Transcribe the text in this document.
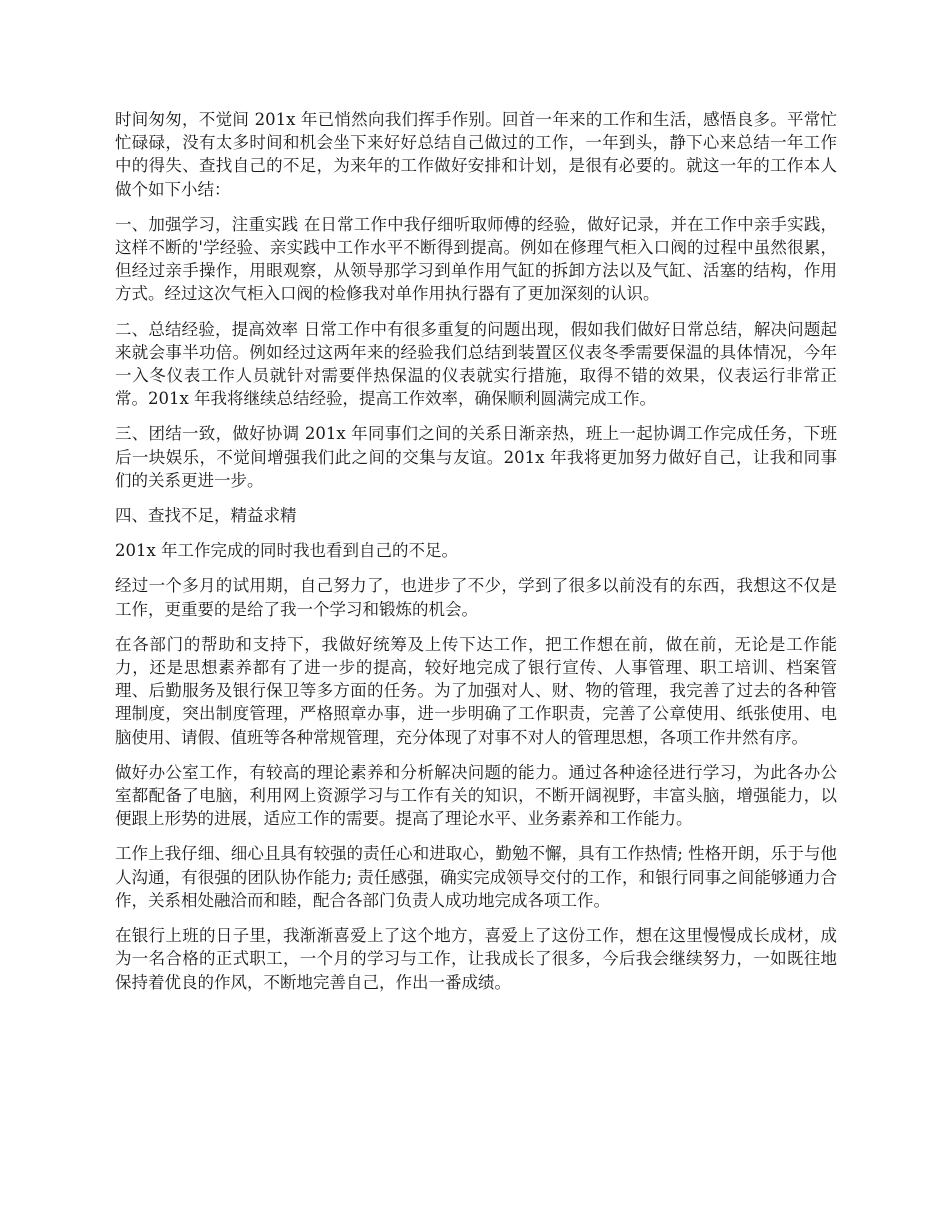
时间匆匆，不觉间 201x 年已悄然向我们挥手作别。回首一年来的工作和生活，感悟良多。平常忙忙碌碌，没有太多时间和机会坐下来好好总结自己做过的工作，一年到头，静下心来总结一年工作中的得失、查找自己的不足，为来年的工作做好安排和计划，是很有必要的。就这一年的工作本人做个如下小结：

一、加强学习，注重实践 在日常工作中我仔细听取师傅的经验，做好记录，并在工作中亲手实践，这样不断的'学经验、亲实践中工作水平不断得到提高。例如在修理气柜入口阀的过程中虽然很累，但经过亲手操作，用眼观察，从领导那学习到单作用气缸的拆卸方法以及气缸、活塞的结构，作用方式。经过这次气柜入口阀的检修我对单作用执行器有了更加深刻的认识。

二、总结经验，提高效率 日常工作中有很多重复的问题出现，假如我们做好日常总结，解决问题起来就会事半功倍。例如经过这两年来的经验我们总结到装置区仪表冬季需要保温的具体情况，今年一入冬仪表工作人员就针对需要伴热保温的仪表就实行措施，取得不错的效果，仪表运行非常正常。201x 年我将继续总结经验，提高工作效率，确保顺利圆满完成工作。

三、团结一致，做好协调 201x 年同事们之间的关系日渐亲热，班上一起协调工作完成任务，下班后一块娱乐，不觉间增强我们此之间的交集与友谊。201x 年我将更加努力做好自己，让我和同事们的关系更进一步。

四、查找不足，精益求精

201x 年工作完成的同时我也看到自己的不足。

经过一个多月的试用期，自己努力了，也进步了不少，学到了很多以前没有的东西，我想这不仅是工作，更重要的是给了我一个学习和锻炼的机会。

在各部门的帮助和支持下，我做好统筹及上传下达工作，把工作想在前，做在前，无论是工作能力，还是思想素养都有了进一步的提高，较好地完成了银行宣传、人事管理、职工培训、档案管理、后勤服务及银行保卫等多方面的任务。为了加强对人、财、物的管理，我完善了过去的各种管理制度，突出制度管理，严格照章办事，进一步明确了工作职责，完善了公章使用、纸张使用、电脑使用、请假、值班等各种常规管理，充分体现了对事不对人的管理思想，各项工作井然有序。

做好办公室工作，有较高的理论素养和分析解决问题的能力。通过各种途径进行学习，为此各办公室都配备了电脑，利用网上资源学习与工作有关的知识，不断开阔视野，丰富头脑，增强能力，以便跟上形势的进展，适应工作的需要。提高了理论水平、业务素养和工作能力。

工作上我仔细、细心且具有较强的责任心和进取心，勤勉不懈，具有工作热情; 性格开朗，乐于与他人沟通，有很强的团队协作能力; 责任感强，确实完成领导交付的工作，和银行同事之间能够通力合作，关系相处融洽而和睦，配合各部门负责人成功地完成各项工作。

在银行上班的日子里，我渐渐喜爱上了这个地方，喜爱上了这份工作，想在这里慢慢成长成材，成为一名合格的正式职工，一个月的学习与工作，让我成长了很多，今后我会继续努力，一如既往地保持着优良的作风，不断地完善自己，作出一番成绩。
